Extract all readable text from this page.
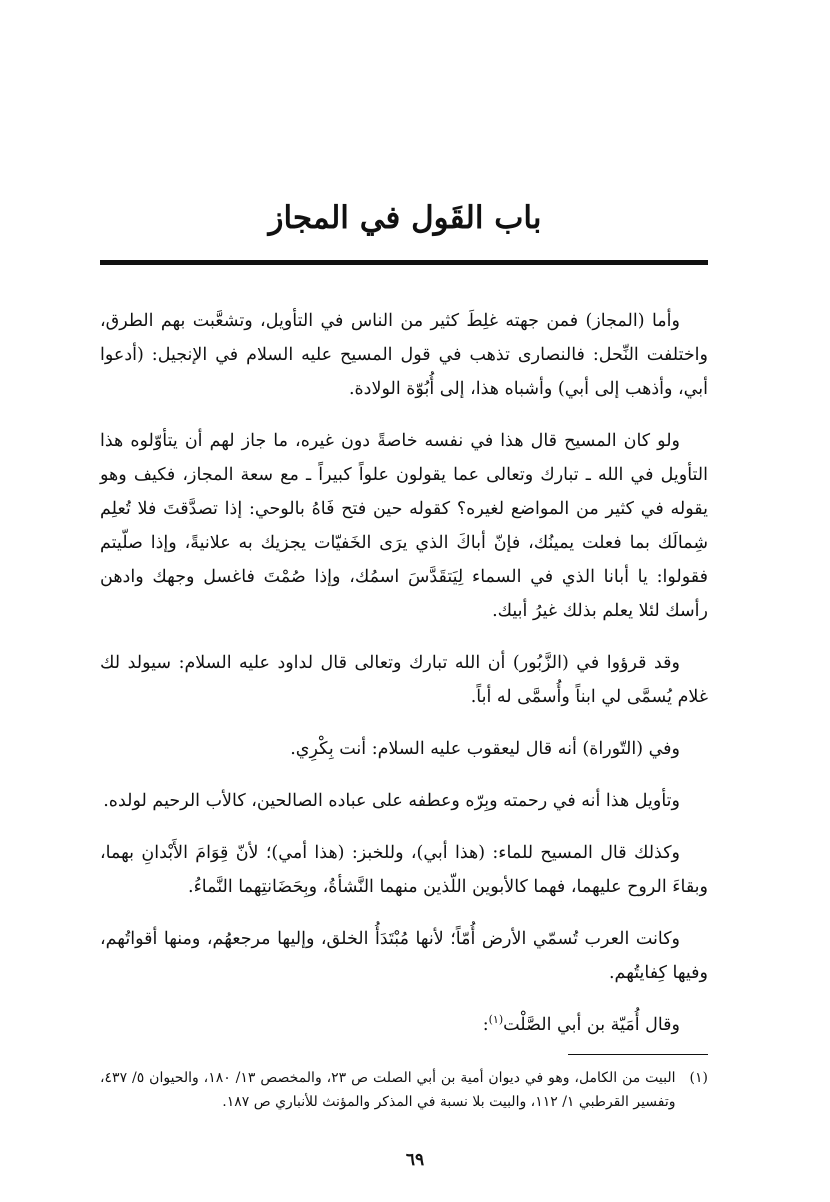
باب القَول في المجاز

وأما (المجاز) فمن جهته غلِطَ كثير من الناس في التأويل، وتشعَّبت بهم الطرق، واختلفت النِّحل: فالنصارى تذهب في قول المسيح عليه السلام في الإنجيل: (أدعوا أبي، وأذهب إلى أبي) وأشباه هذا، إلى أُبُوّة الولادة.

ولو كان المسيح قال هذا في نفسه خاصةً دون غيره، ما جاز لهم أن يتأوّلوه هذا التأويل في الله ـ تبارك وتعالى عما يقولون علواً كبيراً ـ مع سعة المجاز، فكيف وهو يقوله في كثير من المواضع لغيره؟ كقوله حين فتح فَاهُ بالوحي: إذا تصدَّقتَ فلا تُعلِم شِمالَك بما فعلت يمينُك، فإنّ أباكَ الذي يرَى الخَفيّات يجزيك به علانيةً، وإذا صلّيتم فقولوا: يا أبانا الذي في السماء لِيَتقَدَّسَ اسمُك، وإذا صُمْتَ فاغسل وجهك وادهن رأسك لئلا يعلم بذلك غيرُ أبيك.

وقد قرؤوا في (الزَّبُور) أن الله تبارك وتعالى قال لداود عليه السلام: سيولد لك غلام يُسمَّى لي ابناً وأُسمَّى له أباً.

وفي (التّوراة) أنه قال ليعقوب عليه السلام: أنت بِكْرِي.

وتأويل هذا أنه في رحمته وبِرّه وعطفه على عباده الصالحين، كالأب الرحيم لولده.

وكذلك قال المسيح للماء: (هذا أبي)، وللخبز: (هذا أمي)؛ لأنّ قِوَامَ الأَبْدانِ بهما، وبقاءَ الروح عليهما، فهما كالأبوين اللّذين منهما النَّشأةُ، وبِحَضَانتِهما النَّماءُ.

وكانت العرب تُسمّي الأرض أُمّاً؛ لأنها مُبْتَدَأُ الخلق، وإليها مرجعهُم، ومنها أقواتُهم، وفيها كِفايتُهم.

وقال أُمَيّة بن أبي الصَّلْت$^{(١)}$:

(١)
البيت من الكامل، وهو في ديوان أمية بن أبي الصلت ص ٢٣، والمخصص ١٣/ ١٨٠، والحيوان ٥/ ٤٣٧، وتفسير القرطبي ١/ ١١٢، والبيت بلا نسبة في المذكر والمؤنث للأنباري ص ١٨٧.
٦٩
